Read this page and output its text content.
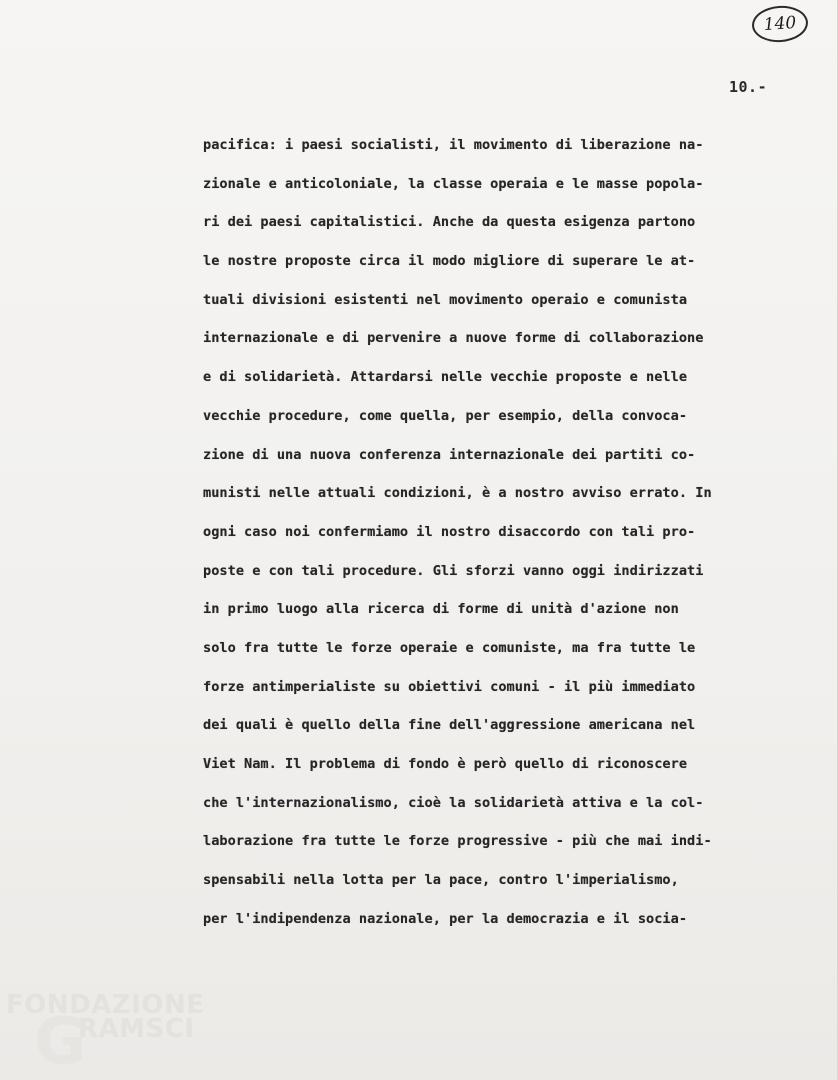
140
10.-
pacifica: i paesi socialisti, il movimento di liberazione na-
zionale e anticoloniale, la classe operaia e le masse popola-
ri dei paesi capitalistici. Anche da questa esigenza partono
le nostre proposte circa il modo migliore di superare le at-
tuali divisioni esistenti nel movimento operaio e comunista
internazionale e di pervenire a nuove forme di collaborazione
e di solidarietà. Attardarsi nelle vecchie proposte e nelle
vecchie procedure, come quella, per esempio, della convoca-
zione di una nuova conferenza internazionale dei partiti co-
munisti nelle attuali condizioni, è a nostro avviso errato. In
ogni caso noi confermiamo il nostro disaccordo con tali pro-
poste e con tali procedure. Gli sforzi vanno oggi indirizzati
in primo luogo alla ricerca di forme di unità d'azione non
solo fra tutte le forze operaie e comuniste, ma fra tutte le
forze antimperialiste su obiettivi comuni - il più immediato
dei quali è quello della fine dell'aggressione americana nel
Viet Nam. Il problema di fondo è però quello di riconoscere
che l'internazionalismo, cioè la solidarietà attiva e la col-
laborazione fra tutte le forze progressive - più che mai indi-
spensabili nella lotta per la pace, contro l'imperialismo,
per l'indipendenza nazionale, per la democrazia e il socia-
FONDAZIONE
G
RAMSCI
